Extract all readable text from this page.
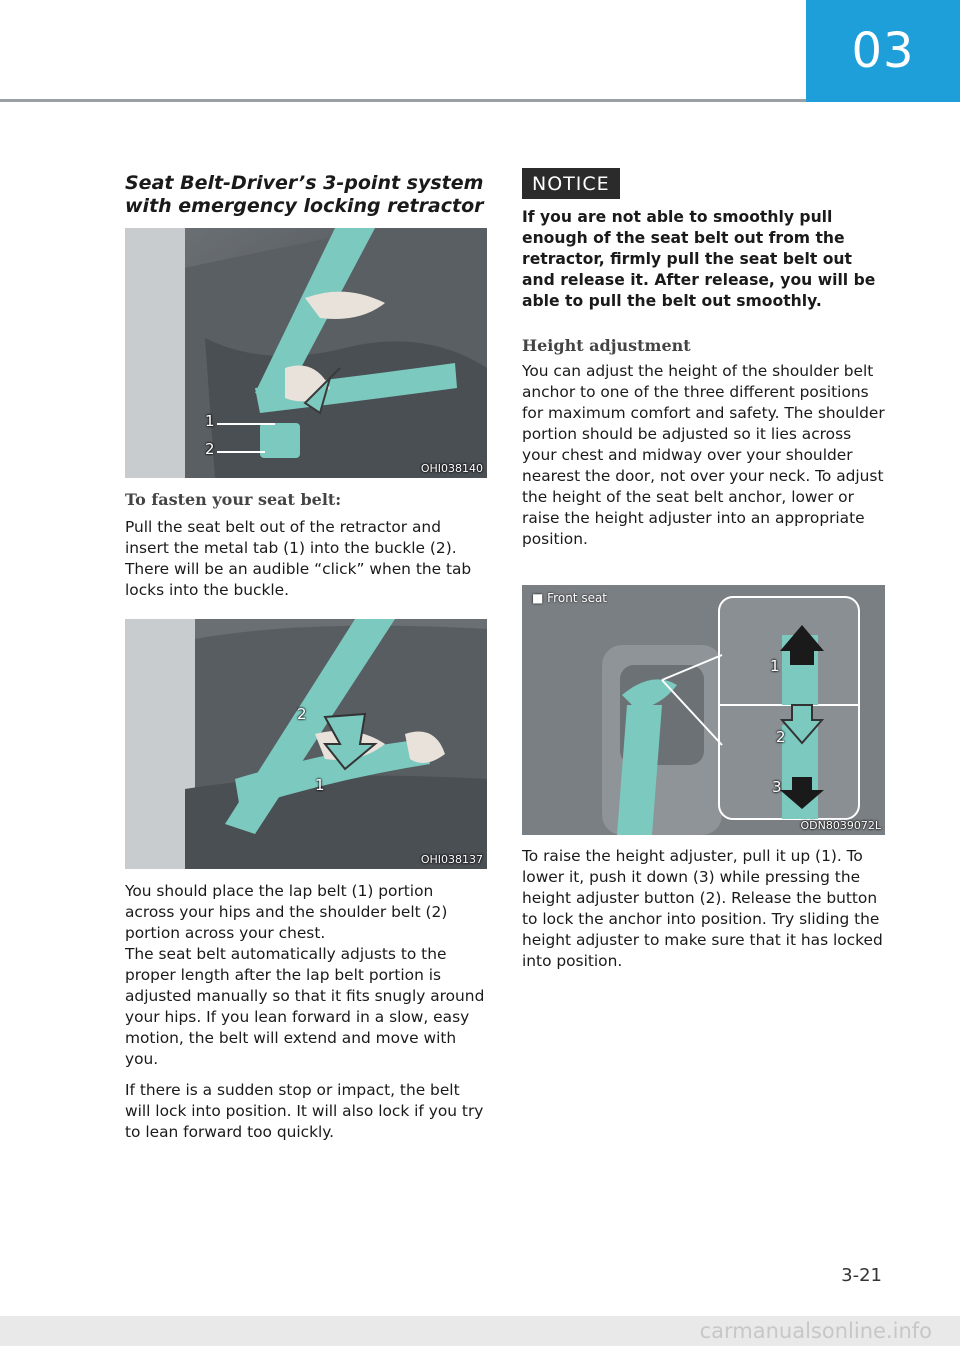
03
Seat Belt-Driver’s 3-point system with emergency locking retractor
1
2
OHI038140
To fasten your seat belt:

Pull the seat belt out of the retractor and insert the metal tab (1) into the buckle (2). There will be an audible “click” when the tab locks into the buckle.

2
1
OHI038137

You should place the lap belt (1) portion across your hips and the shoulder belt (2) portion across your chest.

The seat belt automatically adjusts to the proper length after the lap belt portion is adjusted manually so that it fits snugly around your hips. If you lean forward in a slow, easy motion, the belt will extend and move with you.

If there is a sudden stop or impact, the belt will lock into position. It will also lock if you try to lean forward too quickly.

NOTICE

If you are not able to smoothly pull enough of the seat belt out from the retractor, firmly pull the seat belt out and release it. After release, you will be able to pull the belt out smoothly.

Height adjustment

You can adjust the height of the shoulder belt anchor to one of the three different positions for maximum comfort and safety. The shoulder portion should be adjusted so it lies across your chest and midway over your shoulder nearest the door, not over your neck. To adjust the height of the seat belt anchor, lower or raise the height adjuster into an appropriate position.

■ Front seat
1
2
3
ODN8039072L

To raise the height adjuster, pull it up (1). To lower it, push it down (3) while pressing the height adjuster button (2). Release the button to lock the anchor into position. Try sliding the height adjuster to make sure that it has locked into position.

3-21
carmanualsonline.info
